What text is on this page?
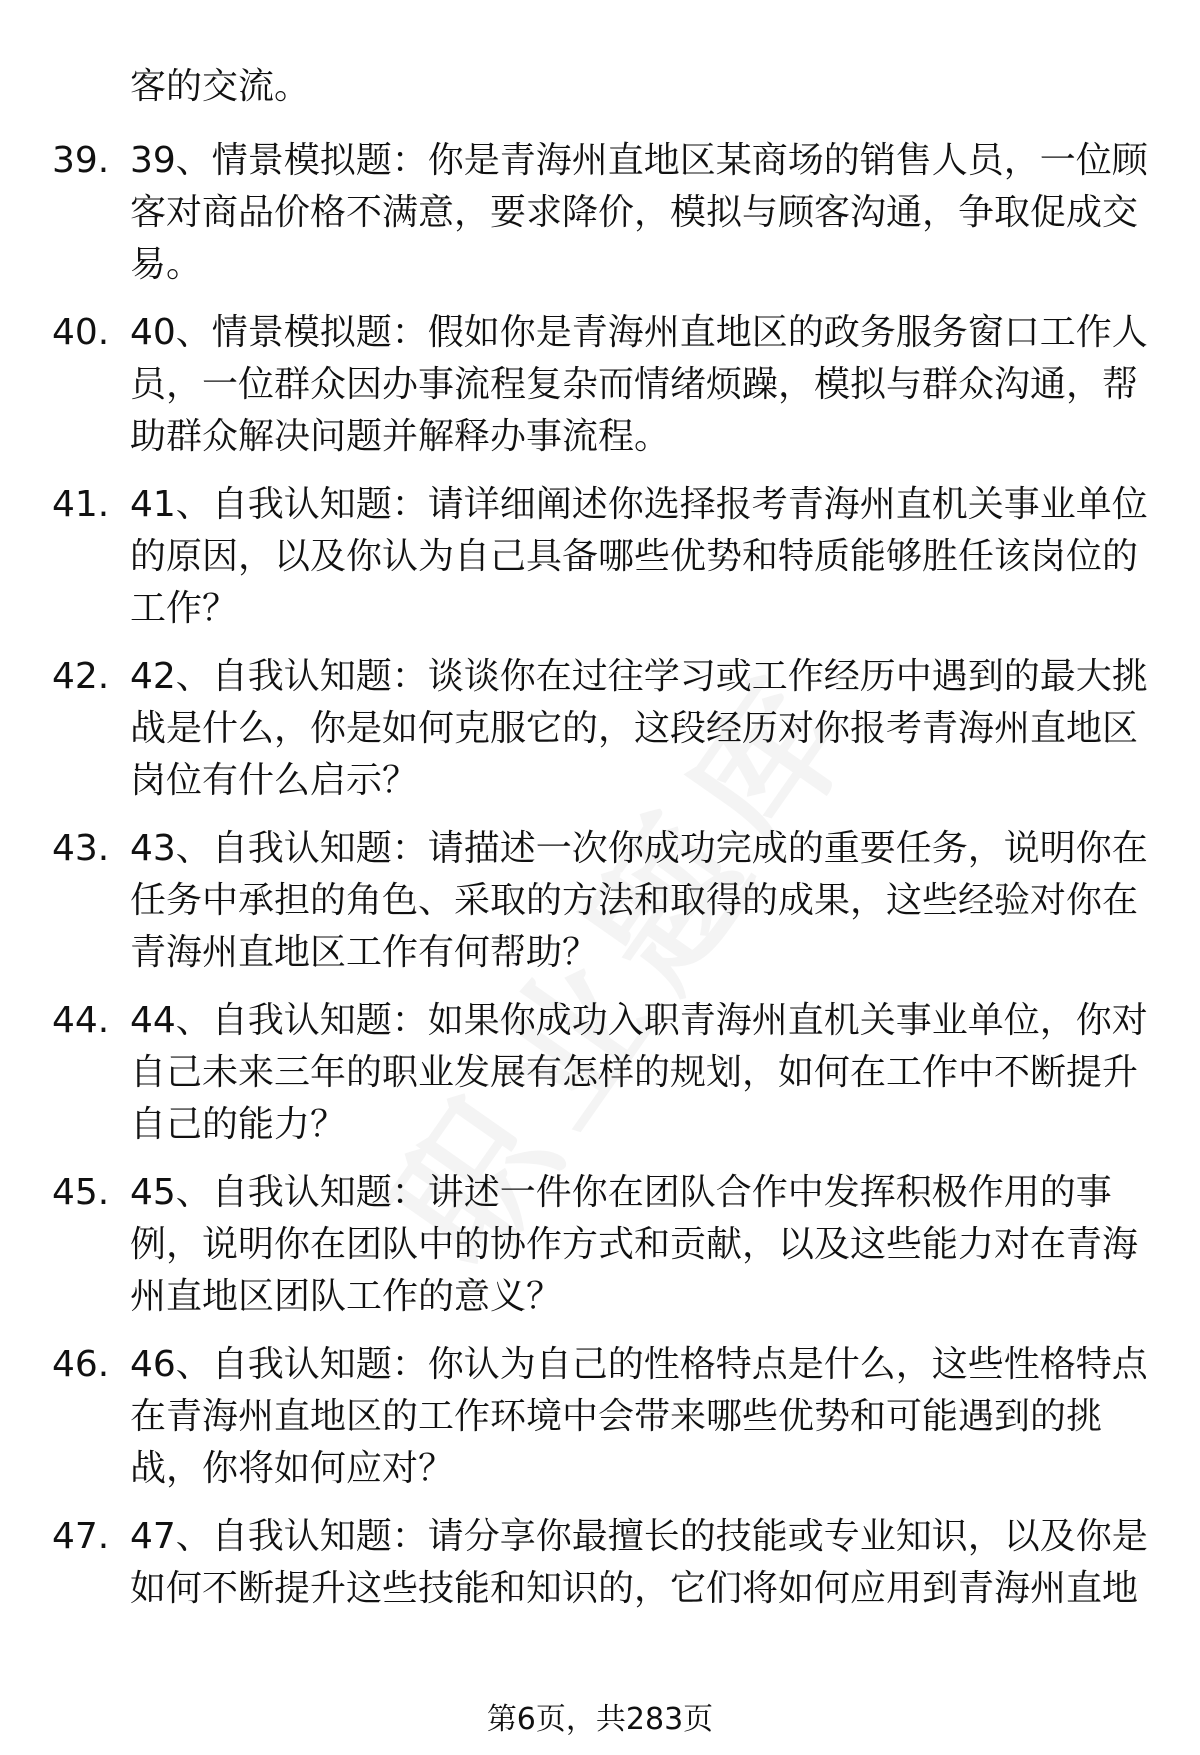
客的交流。
39. 39、情景模拟题：你是青海州直地区某商场的销售人员，一位顾
客对商品价格不满意，要求降价，模拟与顾客沟通，争取促成交
易。
40. 40、情景模拟题：假如你是青海州直地区的政务服务窗口工作人
员，一位群众因办事流程复杂而情绪烦躁，模拟与群众沟通，帮
助群众解决问题并解释办事流程。
41. 41、自我认知题：请详细阐述你选择报考青海州直机关事业单位
的原因，以及你认为自己具备哪些优势和特质能够胜任该岗位的
工作？
42. 42、自我认知题：谈谈你在过往学习或工作经历中遇到的最大挑
战是什么，你是如何克服它的，这段经历对你报考青海州直地区
岗位有什么启示？
43. 43、自我认知题：请描述一次你成功完成的重要任务，说明你在
任务中承担的角色、采取的方法和取得的成果，这些经验对你在
青海州直地区工作有何帮助？
44. 44、自我认知题：如果你成功入职青海州直机关事业单位，你对
自己未来三年的职业发展有怎样的规划，如何在工作中不断提升
自己的能力？
45. 45、自我认知题：讲述一件你在团队合作中发挥积极作用的事
例，说明你在团队中的协作方式和贡献，以及这些能力对在青海
州直地区团队工作的意义？
46. 46、自我认知题：你认为自己的性格特点是什么，这些性格特点
在青海州直地区的工作环境中会带来哪些优势和可能遇到的挑
战，你将如何应对？
47. 47、自我认知题：请分享你最擅长的技能或专业知识，以及你是
如何不断提升这些技能和知识的，它们将如何应用到青海州直地
第6页，共283页
